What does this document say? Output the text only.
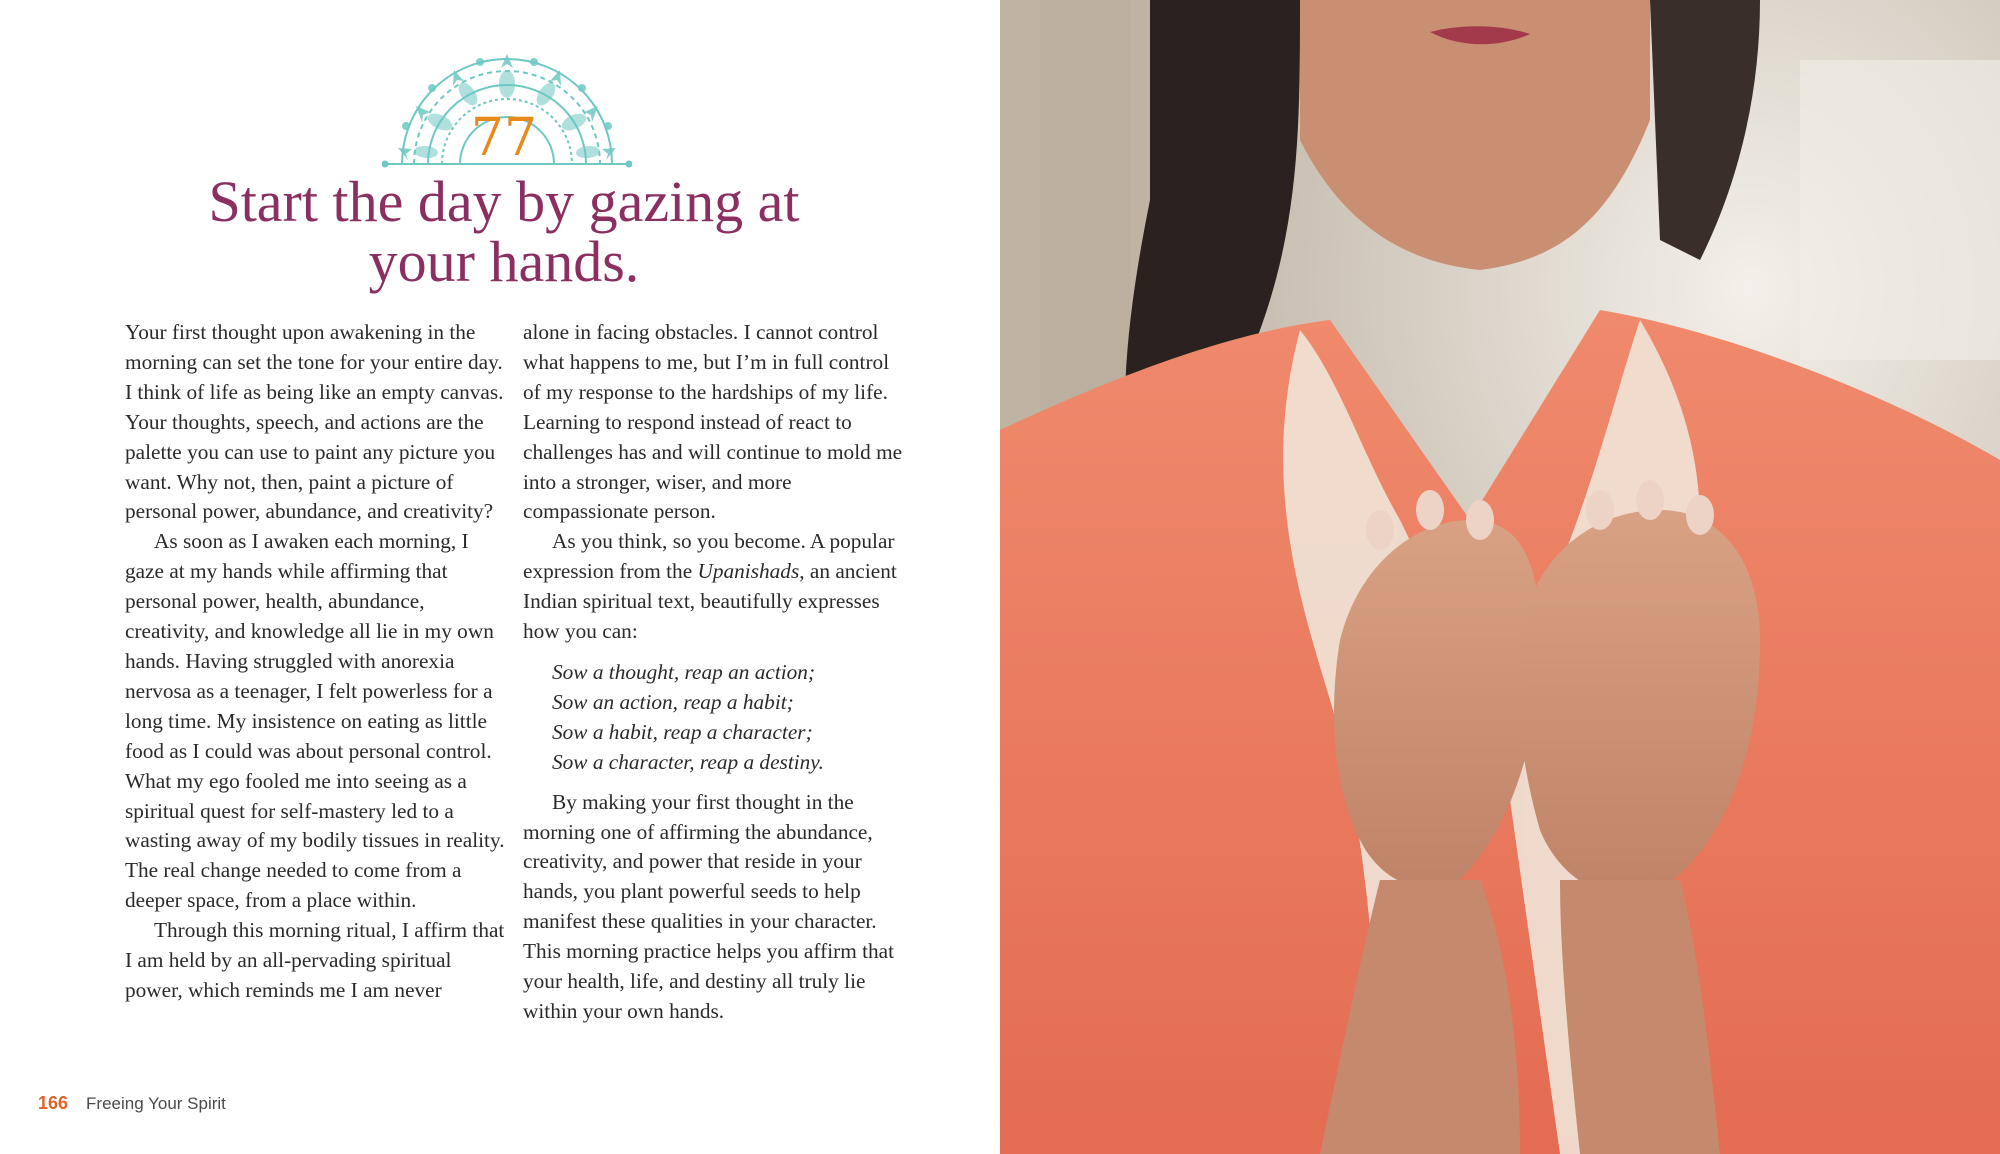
77
Start the day by gazing at
your hands.

Your first thought upon awakening in the morning can set the tone for your entire day. I think of life as being like an empty canvas. Your thoughts, speech, and actions are the palette you can use to paint any picture you want. Why not, then, paint a picture of personal power, abundance, and creativity?

As soon as I awaken each morning, I gaze at my hands while affirming that personal power, health, abundance, creativity, and knowledge all lie in my own hands. Having struggled with anorexia nervosa as a teenager, I felt powerless for a long time. My insistence on eating as little food as I could was about personal control. What my ego fooled me into seeing as a spiritual quest for self-mastery led to a wasting away of my bodily tissues in reality. The real change needed to come from a deeper space, from a place within.

Through this morning ritual, I affirm that I am held by an all-pervading spiritual power, which reminds me I am never

alone in facing obstacles. I cannot control what happens to me, but I’m in full control of my response to the hardships of my life. Learning to respond instead of react to challenges has and will continue to mold me into a stronger, wiser, and more compassionate person.

As you think, so you become. A popular expression from the Upanishads, an ancient Indian spiritual text, beautifully expresses how you can:

Sow a thought, reap an action;
Sow an action, reap a habit;
Sow a habit, reap a character;
Sow a character, reap a destiny.

By making your first thought in the morning one of affirming the abundance, creativity, and power that reside in your hands, you plant powerful seeds to help manifest these qualities in your character. This morning practice helps you affirm that your health, life, and destiny all truly lie within your own hands.

166 Freeing Your Spirit
